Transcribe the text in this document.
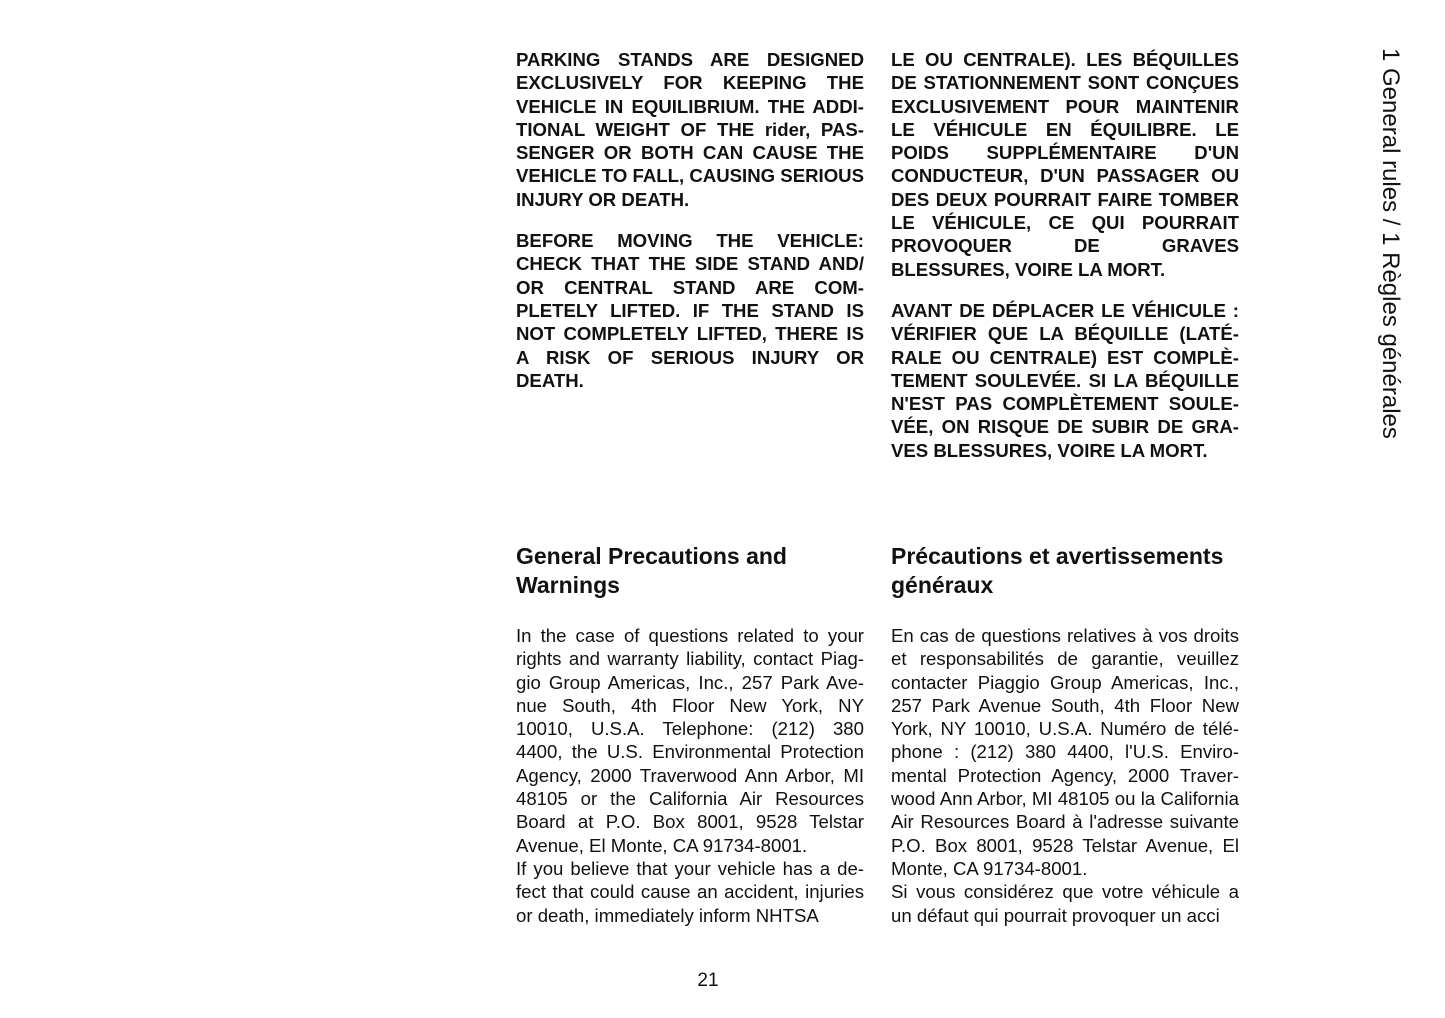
PARKING STANDS ARE DESIGNED EXCLUSIVELY FOR KEEPING THE VEHICLE IN EQUILIBRIUM. THE ADDITIONAL WEIGHT OF THE rider, PASSENGER OR BOTH CAN CAUSE THE VEHICLE TO FALL, CAUSING SERIOUS INJURY OR DEATH.

BEFORE MOVING THE VEHICLE: CHECK THAT THE SIDE STAND AND/ OR CENTRAL STAND ARE COMPLETELY LIFTED. IF THE STAND IS NOT COMPLETELY LIFTED, THERE IS A RISK OF SERIOUS INJURY OR DEATH.

LE OU CENTRALE). LES BÉQUILLES DE STATIONNEMENT SONT CONÇUES EXCLUSIVEMENT POUR MAINTENIR LE VÉHICULE EN ÉQUILIBRE. LE POIDS SUPPLÉMENTAIRE D'UN CONDUCTEUR, D'UN PASSAGER OU DES DEUX POURRAIT FAIRE TOMBER LE VÉHICULE, CE QUI POURRAIT PROVOQUER DE GRAVES BLESSURES, VOIRE LA MORT.

AVANT DE DÉPLACER LE VÉHICULE : VÉRIFIER QUE LA BÉQUILLE (LATÉRALE OU CENTRALE) EST COMPLÈTEMENT SOULEVÉE. SI LA BÉQUILLE N'EST PAS COMPLÈTEMENT SOULEVÉE, ON RISQUE DE SUBIR DE GRAVES BLESSURES, VOIRE LA MORT.

General Precautions and Warnings

In the case of questions related to your rights and warranty liability, contact Piaggio Group Americas, Inc., 257 Park Avenue South, 4th Floor New York, NY 10010, U.S.A. Telephone: (212) 380 4400, the U.S. Environmental Protection Agency, 2000 Traverwood Ann Arbor, MI 48105 or the California Air Resources Board at P.O. Box 8001, 9528 Telstar Avenue, El Monte, CA 91734-8001.

If you believe that your vehicle has a defect that could cause an accident, injuries or death, immediately inform NHTSA

Précautions et avertissements généraux

En cas de questions relatives à vos droits et responsabilités de garantie, veuillez contacter Piaggio Group Americas, Inc., 257 Park Avenue South, 4th Floor New York, NY 10010, U.S.A. Numéro de téléphone : (212) 380 4400, l'U.S. Enviromental Protection Agency, 2000 Traverwood Ann Arbor, MI 48105 ou la California Air Resources Board à l'adresse suivante P.O. Box 8001, 9528 Telstar Avenue, El Monte, CA 91734-8001.

Si vous considérez que votre véhicule a un défaut qui pourrait provoquer un acci

1 General rules / 1 Règles générales
21
